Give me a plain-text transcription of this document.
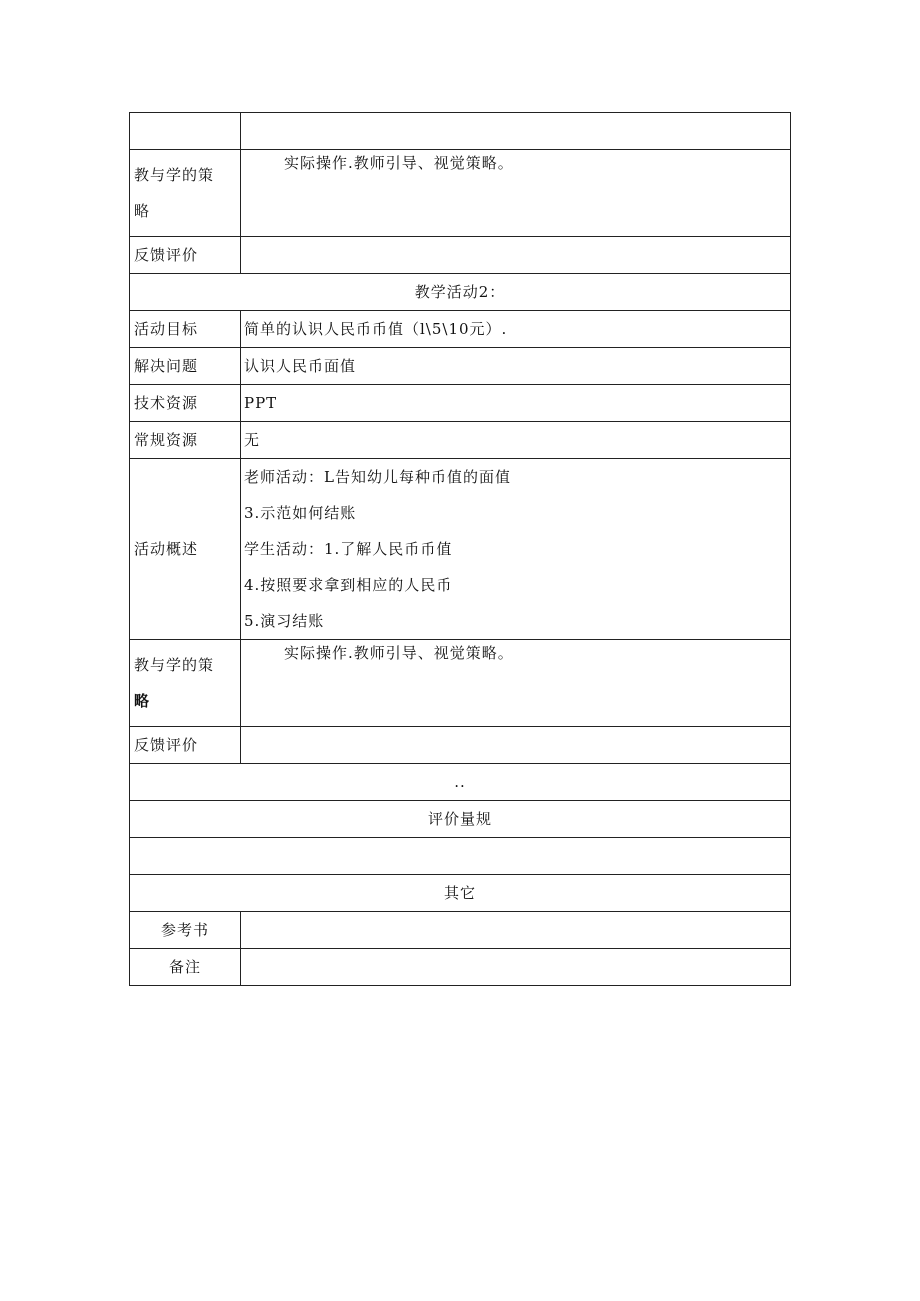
教与学的策
略	实际操作.教师引导、视觉策略。

反馈评价	
教学活动2：	
活动目标	简单的认识人民币币值（l\5\10元）.
解决问题	认识人民币面值
技术资源	PPT
常规资源	无
活动概述	老师活动：L告知幼儿每种币值的面值
3.示范如何结账
学生活动：1.了解人民币币值
4.按照要求拿到相应的人民币
5.演习结账

教与学的策
略	实际操作.教师引导、视觉策略。

反馈评价	
..	
评价量规	

其它	
参考书	
备注	
